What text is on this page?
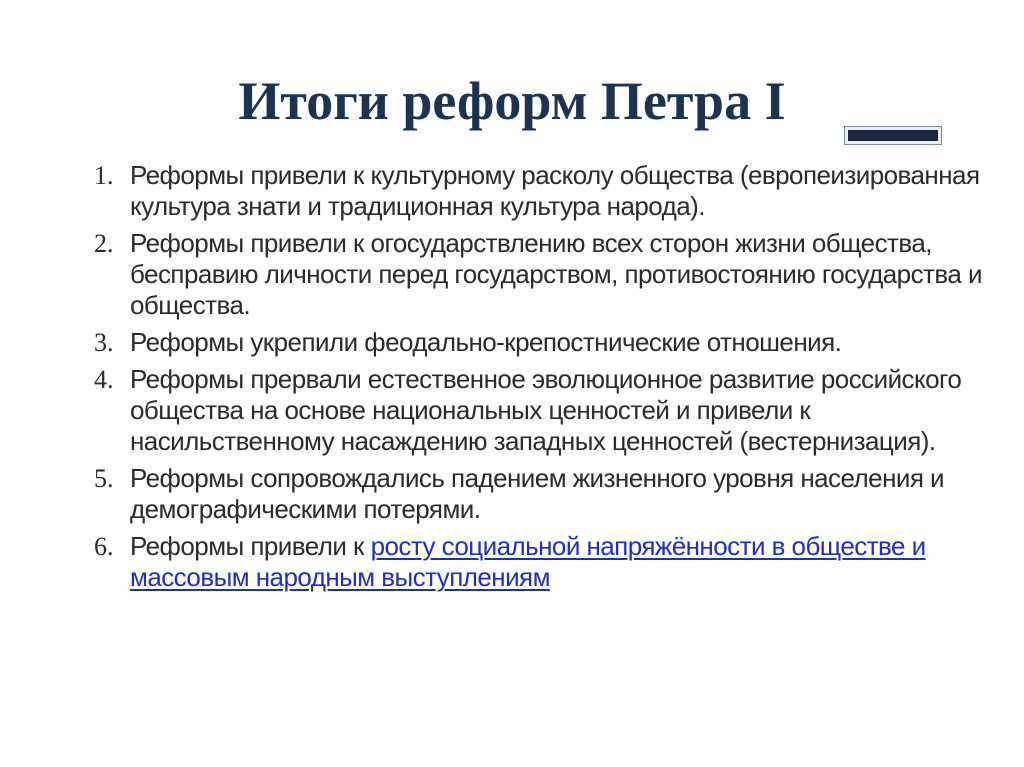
Итоги реформ Петра I
1. Реформы привели к культурному расколу общества (европеизированная культура знати и традиционная культура народа).
2. Реформы привели к огосударствлению всех сторон жизни общества, бесправию личности перед государством, противостоянию государства и общества.
3. Реформы укрепили феодально-крепостнические отношения.
4. Реформы прервали естественное эволюционное развитие российского общества на основе национальных ценностей и привели к насильственному насаждению западных ценностей (вестернизация).
5. Реформы сопровождались падением жизненного уровня населения и демографическими потерями.
6. Реформы привели к росту социальной напряжённости в обществе и массовым народным выступлениям
